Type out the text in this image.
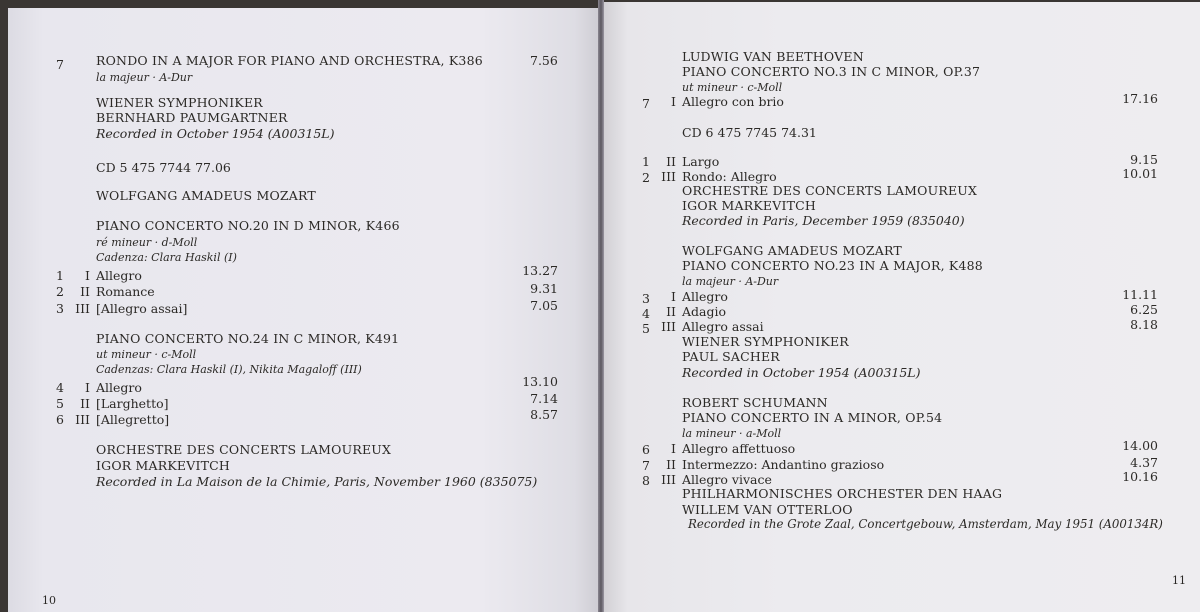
7	RONDO IN A MAJOR FOR PIANO AND ORCHESTRA, K386	7.56
la majeur · A-Dur
WIENER SYMPHONIKER
BERNHARD PAUMGARTNER
Recorded in October 1954 (A00315L)
CD 5 475 7744 77.06
WOLFGANG AMADEUS MOZART
PIANO CONCERTO NO.20 IN D MINOR, K466
ré mineur · d-Moll
Cadenza: Clara Haskil (I)
1	I Allegro	13.27
2	II Romance	9.31
3 III [Allegro assai]	7.05
PIANO CONCERTO NO.24 IN C MINOR, K491
ut mineur · c-Moll
Cadenzas: Clara Haskil (I), Nikita Magaloff (III)
4	I Allegro	13.10
5	II [Larghetto]	7.14
6 III [Allegretto]	8.57
ORCHESTRE DES CONCERTS LAMOUREUX
IGOR MARKEVITCH
Recorded in La Maison de la Chimie, Paris, November 1960 (835075)
10
LUDWIG VAN BEETHOVEN
PIANO CONCERTO NO.3 IN C MINOR, OP.37
ut mineur · c-Moll
7	I Allegro con brio	17.16
CD 6 475 7745 74.31
1	II Largo	9.15
2 III Rondo: Allegro	10.01
ORCHESTRE DES CONCERTS LAMOUREUX
IGOR MARKEVITCH
Recorded in Paris, December 1959 (835040)
WOLFGANG AMADEUS MOZART
PIANO CONCERTO NO.23 IN A MAJOR, K488
la majeur · A-Dur
3	I Allegro	11.11
4	II Adagio	6.25
5 III Allegro assai	8.18
WIENER SYMPHONIKER
PAUL SACHER
Recorded in October 1954 (A00315L)
ROBERT SCHUMANN
PIANO CONCERTO IN A MINOR, OP.54
la mineur · a-Moll
6	I Allegro affettuoso	14.00
7	II Intermezzo: Andantino grazioso	4.37
8 III Allegro vivace	10.16
PHILHARMONISCHES ORCHESTER DEN HAAG
WILLEM VAN OTTERLOO
Recorded in the Grote Zaal, Concertgebouw, Amsterdam, May 1951 (A00134R)
11
